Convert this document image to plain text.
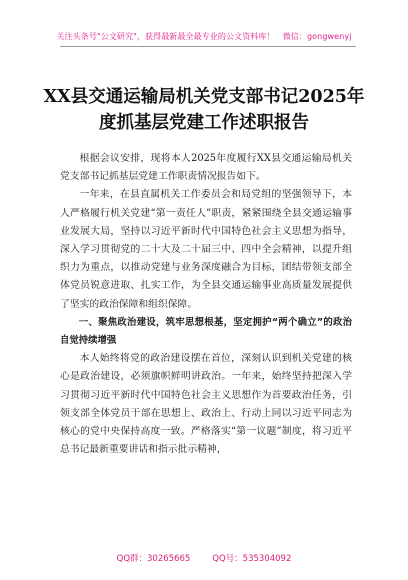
关注头条号"公文研究"，获得最新最全最专业的公文资料库！　微信：gongwenyj
XX县交通运输局机关党支部书记2025年度抓基层党建工作述职报告

根据会议安排，现将本人2025年度履行XX县交通运输局机关党支部书记抓基层党建工作职责情况报告如下。

一年来，在县直属机关工作委员会和局党组的坚强领导下，本人严格履行机关党建“第一责任人”职责，紧紧围绕全县交通运输事业发展大局，坚持以习近平新时代中国特色社会主义思想为指导，深入学习贯彻党的二十大及二十届三中、四中全会精神，以提升组织力为重点，以推动党建与业务深度融合为目标，团结带领支部全体党员锐意进取、扎实工作，为全县交通运输事业高质量发展提供了坚实的政治保障和组织保障。

一、聚焦政治建设，筑牢思想根基，坚定拥护“两个确立”的政治自觉持续增强

本人始终将党的政治建设摆在首位，深刻认识到机关党建的核心是政治建设，必须旗帜鲜明讲政治。一年来，始终坚持把深入学习贯彻习近平新时代中国特色社会主义思想作为首要政治任务，引领支部全体党员干部在思想上、政治上、行动上同以习近平同志为核心的党中央保持高度一致。严格落实“第一议题”制度，将习近平总书记最新重要讲话和指示批示精神，

QQ群：30265665	QQ号：535304092
